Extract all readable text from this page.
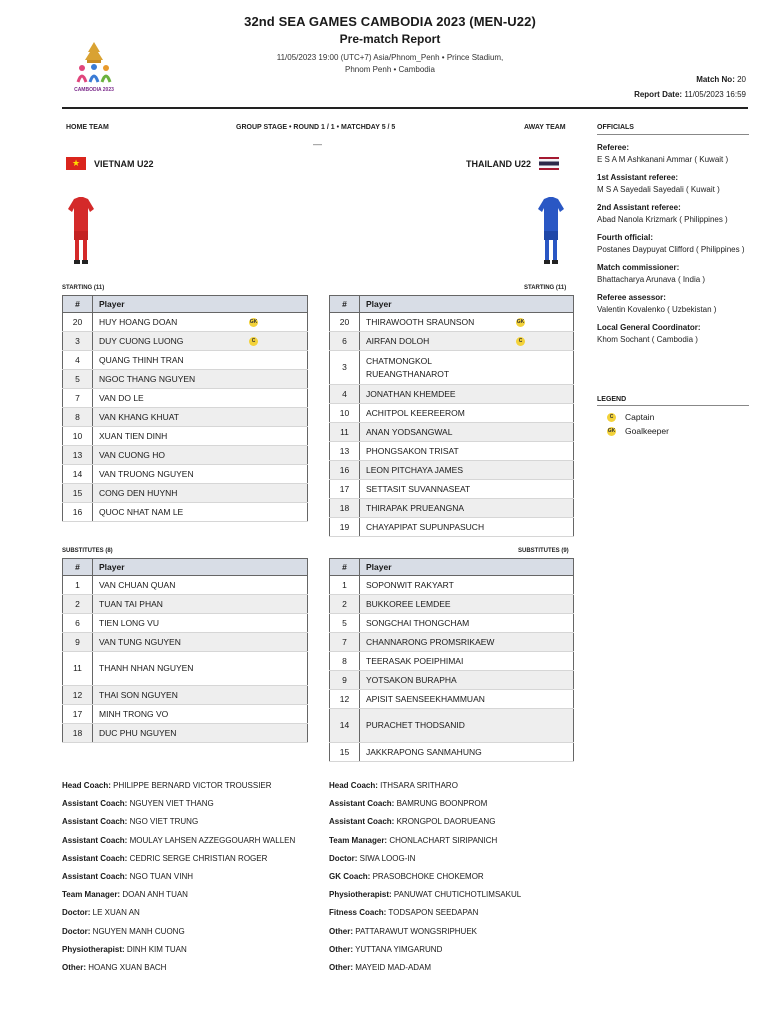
CAMBODIA 2023
32nd SEA GAMES CAMBODIA 2023 (MEN-U22)
Pre-match Report
11/05/2023 19:00 (UTC+7) Asia/Phnom_Penh • Prince Stadium,
Phnom Penh • Cambodia
Match No: 20
Report Date: 11/05/2023 16:59
HOME TEAM	GROUP STAGE • ROUND 1 / 1 • MATCHDAY 5 / 5	AWAY TEAM
—
★	VIETNAM U22	THAILAND U22
STARTING (11)	STARTING (11)
SUBSTITUTES (8)	SUBSTITUTES (9)
#	Player
20	HUY HOANG DOAN GK
3	DUY CUONG LUONG C
4	QUANG THINH TRAN
5	NGOC THANG NGUYEN
7	VAN DO LE
8	VAN KHANG KHUAT
10	XUAN TIEN DINH
13	VAN CUONG HO
14	VAN TRUONG NGUYEN
15	CONG DEN HUYNH
16	QUOC NHAT NAM LE
#	Player
20	THIRAWOOTH SRAUNSON GK
6	AIRFAN DOLOH C
3	CHATMONGKOL
RUEANGTHANAROT
4	JONATHAN KHEMDEE
10	ACHITPOL KEEREEROM
11	ANAN YODSANGWAL
13	PHONGSAKON TRISAT
16	LEON PITCHAYA JAMES
17	SETTASIT SUVANNASEAT
18	THIRAPAK PRUEANGNA
19	CHAYAPIPAT SUPUNPASUCH
#	Player
1	VAN CHUAN QUAN
2	TUAN TAI PHAN
6	TIEN LONG VU
9	VAN TUNG NGUYEN
11	THANH NHAN NGUYEN
12	THAI SON NGUYEN
17	MINH TRONG VO
18	DUC PHU NGUYEN
#	Player
1	SOPONWIT RAKYART
2	BUKKOREE LEMDEE
5	SONGCHAI THONGCHAM
7	CHANNARONG PROMSRIKAEW
8	TEERASAK POEIPHIMAI
9	YOTSAKON BURAPHA
12	APISIT SAENSEEKHAMMUAN
14	PURACHET THODSANID
15	JAKKRAPONG SANMAHUNG
OFFICIALS
Referee:
E S A M Ashkanani Ammar ( Kuwait )
1st Assistant referee:
M S A Sayedali Sayedali ( Kuwait )
2nd Assistant referee:
Abad Nanola Krizmark ( Philippines )
Fourth official:
Postanes Daypuyat Clifford ( Philippines )
Match commissioner:
Bhattacharya Arunava ( India )
Referee assessor:
Valentin Kovalenko ( Uzbekistan )
Local General Coordinator:
Khom Sochant ( Cambodia )
LEGEND
C	Captain
GK Goalkeeper
Head Coach: PHILIPPE BERNARD VICTOR TROUSSIER
Assistant Coach: NGUYEN VIET THANG
Assistant Coach: NGO VIET TRUNG
Assistant Coach: MOULAY LAHSEN AZZEGGOUARH WALLEN
Assistant Coach: CEDRIC SERGE CHRISTIAN ROGER
Assistant Coach: NGO TUAN VINH
Team Manager: DOAN ANH TUAN
Doctor: LE XUAN AN
Doctor: NGUYEN MANH CUONG
Physiotherapist: DINH KIM TUAN
Other: HOANG XUAN BACH
Head Coach: ITHSARA SRITHARO
Assistant Coach: BAMRUNG BOONPROM
Assistant Coach: KRONGPOL DAORUEANG
Team Manager: CHONLACHART SIRIPANICH
Doctor: SIWA LOOG-IN
GK Coach: PRASOBCHOKE CHOKEMOR
Physiotherapist: PANUWAT CHUTICHOTLIMSAKUL
Fitness Coach: TODSAPON SEEDAPAN
Other: PATTARAWUT WONGSRIPHUEK
Other: YUTTANA YIMGARUND
Other: MAYEID MAD-ADAM
